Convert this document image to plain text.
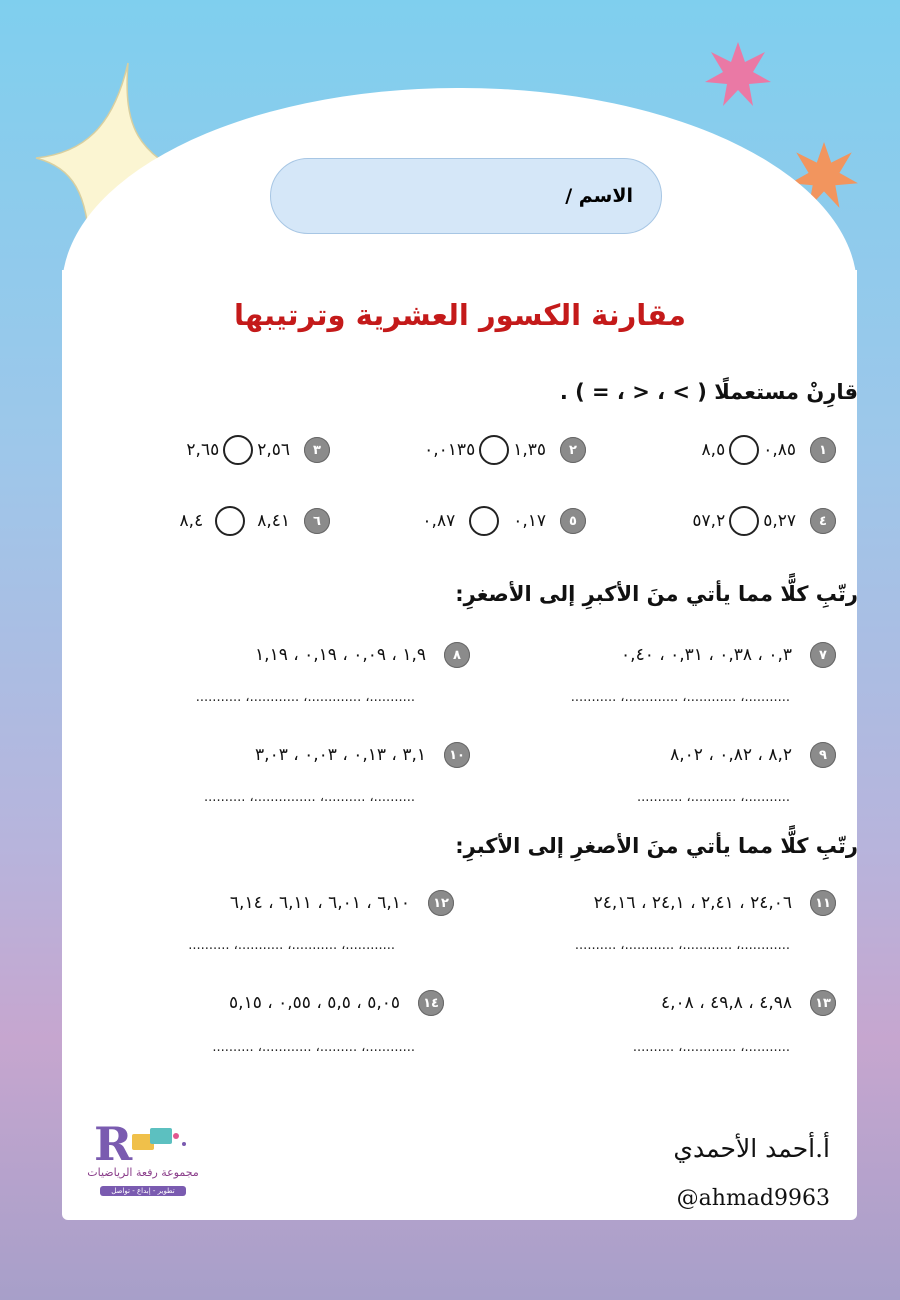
الاسم /
مقارنة الكسور العشرية وترتيبها
قارِنْ مستعملًا ( > ، < ، = ) .
١
٠,٨٥
٨,٥
٢
١,٣٥
٠,٠١٣٥
٣
٢,٥٦
٢,٦٥
٤
٥,٢٧
٥٧,٢
٥
٠,١٧
٠,٨٧
٦
٨,٤١
٨,٤
رتّبِ كلًّا مما يأتي منَ الأكبرِ إلى الأصغرِ:
٧
٠,٣ ، ٠,٣٨ ، ٠,٣١ ، ٠,٤٠
...........، ............، .............، ...........
٨
١,٩ ، ٠,٠٩ ، ٠,١٩ ، ١,١٩
...........، .............، ............، ...........
٩
٨,٢ ، ٠,٨٢ ، ٨,٠٢
...........، ...........، ...........
١٠
٣,١ ، ٠,١٣ ، ٠,٠٣ ، ٣,٠٣
..........، ..........، ...............، ..........
رتّبِ كلًّا مما يأتي منَ الأصغرِ إلى الأكبرِ:
١١
٢٤,٠٦ ، ٢,٤١ ، ٢٤,١ ، ٢٤,١٦
............، ............، ............، ..........
١٢
٦,١٠ ، ٦,٠١ ، ٦,١١ ، ٦,١٤
............، ...........، ...........، ..........
١٣
٤,٩٨ ، ٤٩,٨ ، ٤,٠٨
...........، .............، ..........
١٤
٥,٠٥ ، ٥,٥ ، ٠,٥٥ ، ٥,١٥
............، .........، ............، ..........
R
مجموعة رفعة الرياضيات
تطوير - إبداع - تواصل
أ.أحمد الأحمدي
@ahmad9963
